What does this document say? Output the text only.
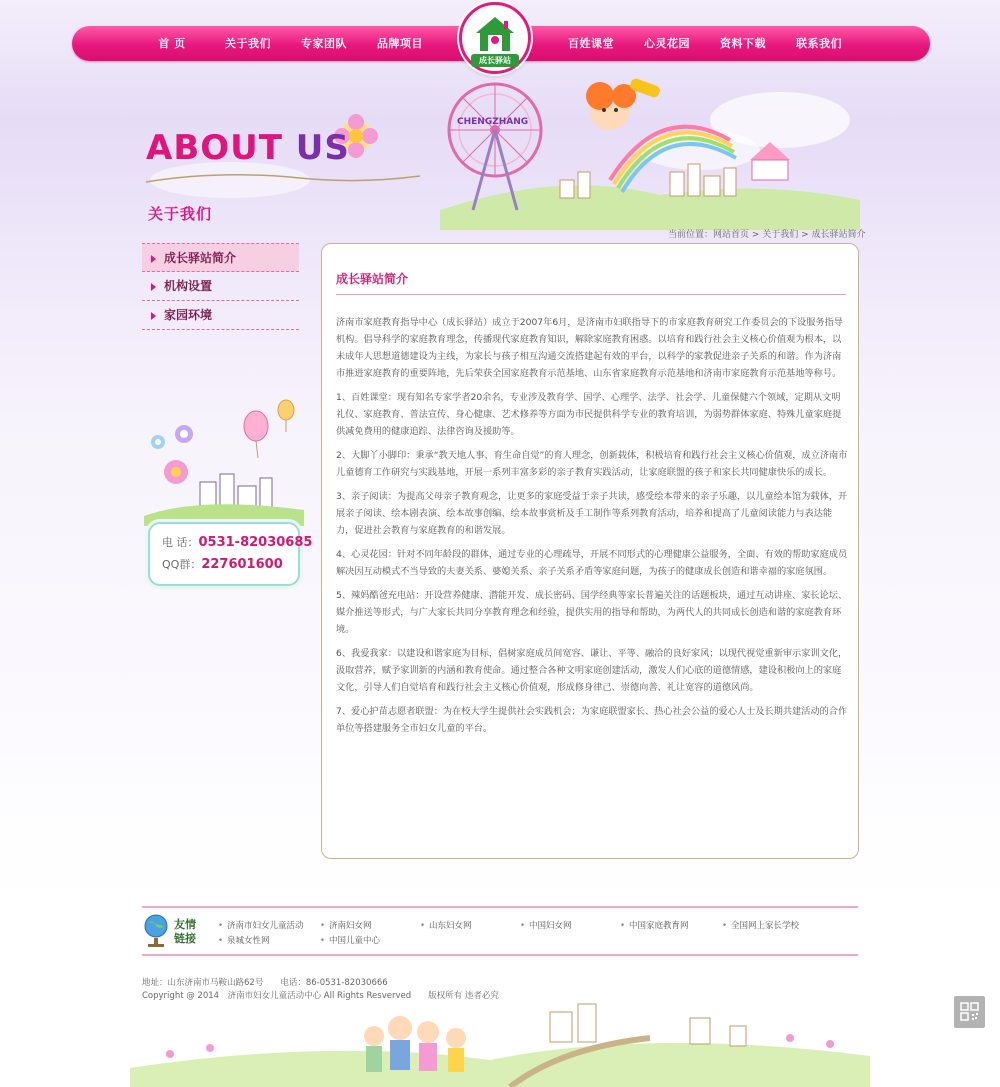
首 页	关于我们	专家团队	品牌项目	百姓课堂	心灵花园	资料下载	联系我们
成长驿站
CHENGZHANG
ABOUT US
关于我们
当前位置：网站首页 > 关于我们 > 成长驿站简介
成长驿站简介
机构设置
家园环境
电 话：0531-82030685
QQ群：227601600
成长驿站简介

济南市家庭教育指导中心（成长驿站）成立于2007年6月，是济南市妇联指导下的市家庭教育研究工作委员会的下设服务指导机构。倡导科学的家庭教育理念，传播现代家庭教育知识，解除家庭教育困惑。以培育和践行社会主义核心价值观为根本，以未成年人思想道德建设为主线，为家长与孩子相互沟通交流搭建起有效的平台，以科学的家教促进亲子关系的和谐。作为济南市推进家庭教育的重要阵地，先后荣获全国家庭教育示范基地、山东省家庭教育示范基地和济南市家庭教育示范基地等称号。

1、百姓课堂：现有知名专家学者20余名，专业涉及教育学、国学、心理学、法学、社会学、儿童保健六个领域，定期从文明礼仪、家庭教育、普法宣传、身心健康、艺术修养等方面为市民提供科学专业的教育培训，为弱势群体家庭、特殊儿童家庭提供减免费用的健康追踪、法律咨询及援助等。

2、大脚丫小脚印：秉承“教天地人事、育生命自觉”的育人理念，创新载体，积极培育和践行社会主义核心价值观，成立济南市儿童德育工作研究与实践基地，开展一系列丰富多彩的亲子教育实践活动，让家庭联盟的孩子和家长共同健康快乐的成长。

3、亲子阅读：为提高父母亲子教育观念，让更多的家庭受益于亲子共读，感受绘本带来的亲子乐趣，以儿童绘本馆为载体，开展亲子阅读、绘本剧表演、绘本故事创编、绘本故事赏析及手工制作等系列教育活动，培养和提高了儿童阅读能力与表达能力，促进社会教育与家庭教育的和谐发展。

4、心灵花园：针对不同年龄段的群体，通过专业的心理疏导，开展不同形式的心理健康公益服务，全面、有效的帮助家庭成员解决因互动模式不当导致的夫妻关系、婆媳关系、亲子关系矛盾等家庭问题，为孩子的健康成长创造和谐幸福的家庭氛围。

5、辣妈酷爸充电站：开设营养健康、潜能开发、成长密码、国学经典等家长普遍关注的话题板块，通过互动讲座、家长论坛、媒介推送等形式，与广大家长共同分享教育理念和经验，提供实用的指导和帮助，为两代人的共同成长创造和谐的家庭教育环境。

6、我爱我家：以建设和谐家庭为目标，倡树家庭成员间宽容、谦让、平等、融洽的良好家风；以现代视觉重新审示家训文化，汲取营养，赋予家训新的内涵和教育使命。通过整合各种文明家庭创建活动，激发人们心底的道德情感，建设积极向上的家庭文化，引导人们自觉培育和践行社会主义核心价值观，形成修身律己、崇德向善、礼让宽容的道德风尚。

7、爱心护苗志愿者联盟：为在校大学生提供社会实践机会；为家庭联盟家长、热心社会公益的爱心人士及长期共建活动的合作单位等搭建服务全市妇女儿童的平台。

友情链接
• 济南市妇女儿童活动	• 济南妇女网	• 山东妇女网	• 中国妇女网	• 中国家庭教育网	• 全国网上家长学校
• 泉城女性网	• 中国儿童中心
地址：山东济南市马鞍山路62号　　电话：86-0531-82030666
Copyright @ 2014　济南市妇女儿童活动中心 All Rights Resverved　　版权所有 违者必究
